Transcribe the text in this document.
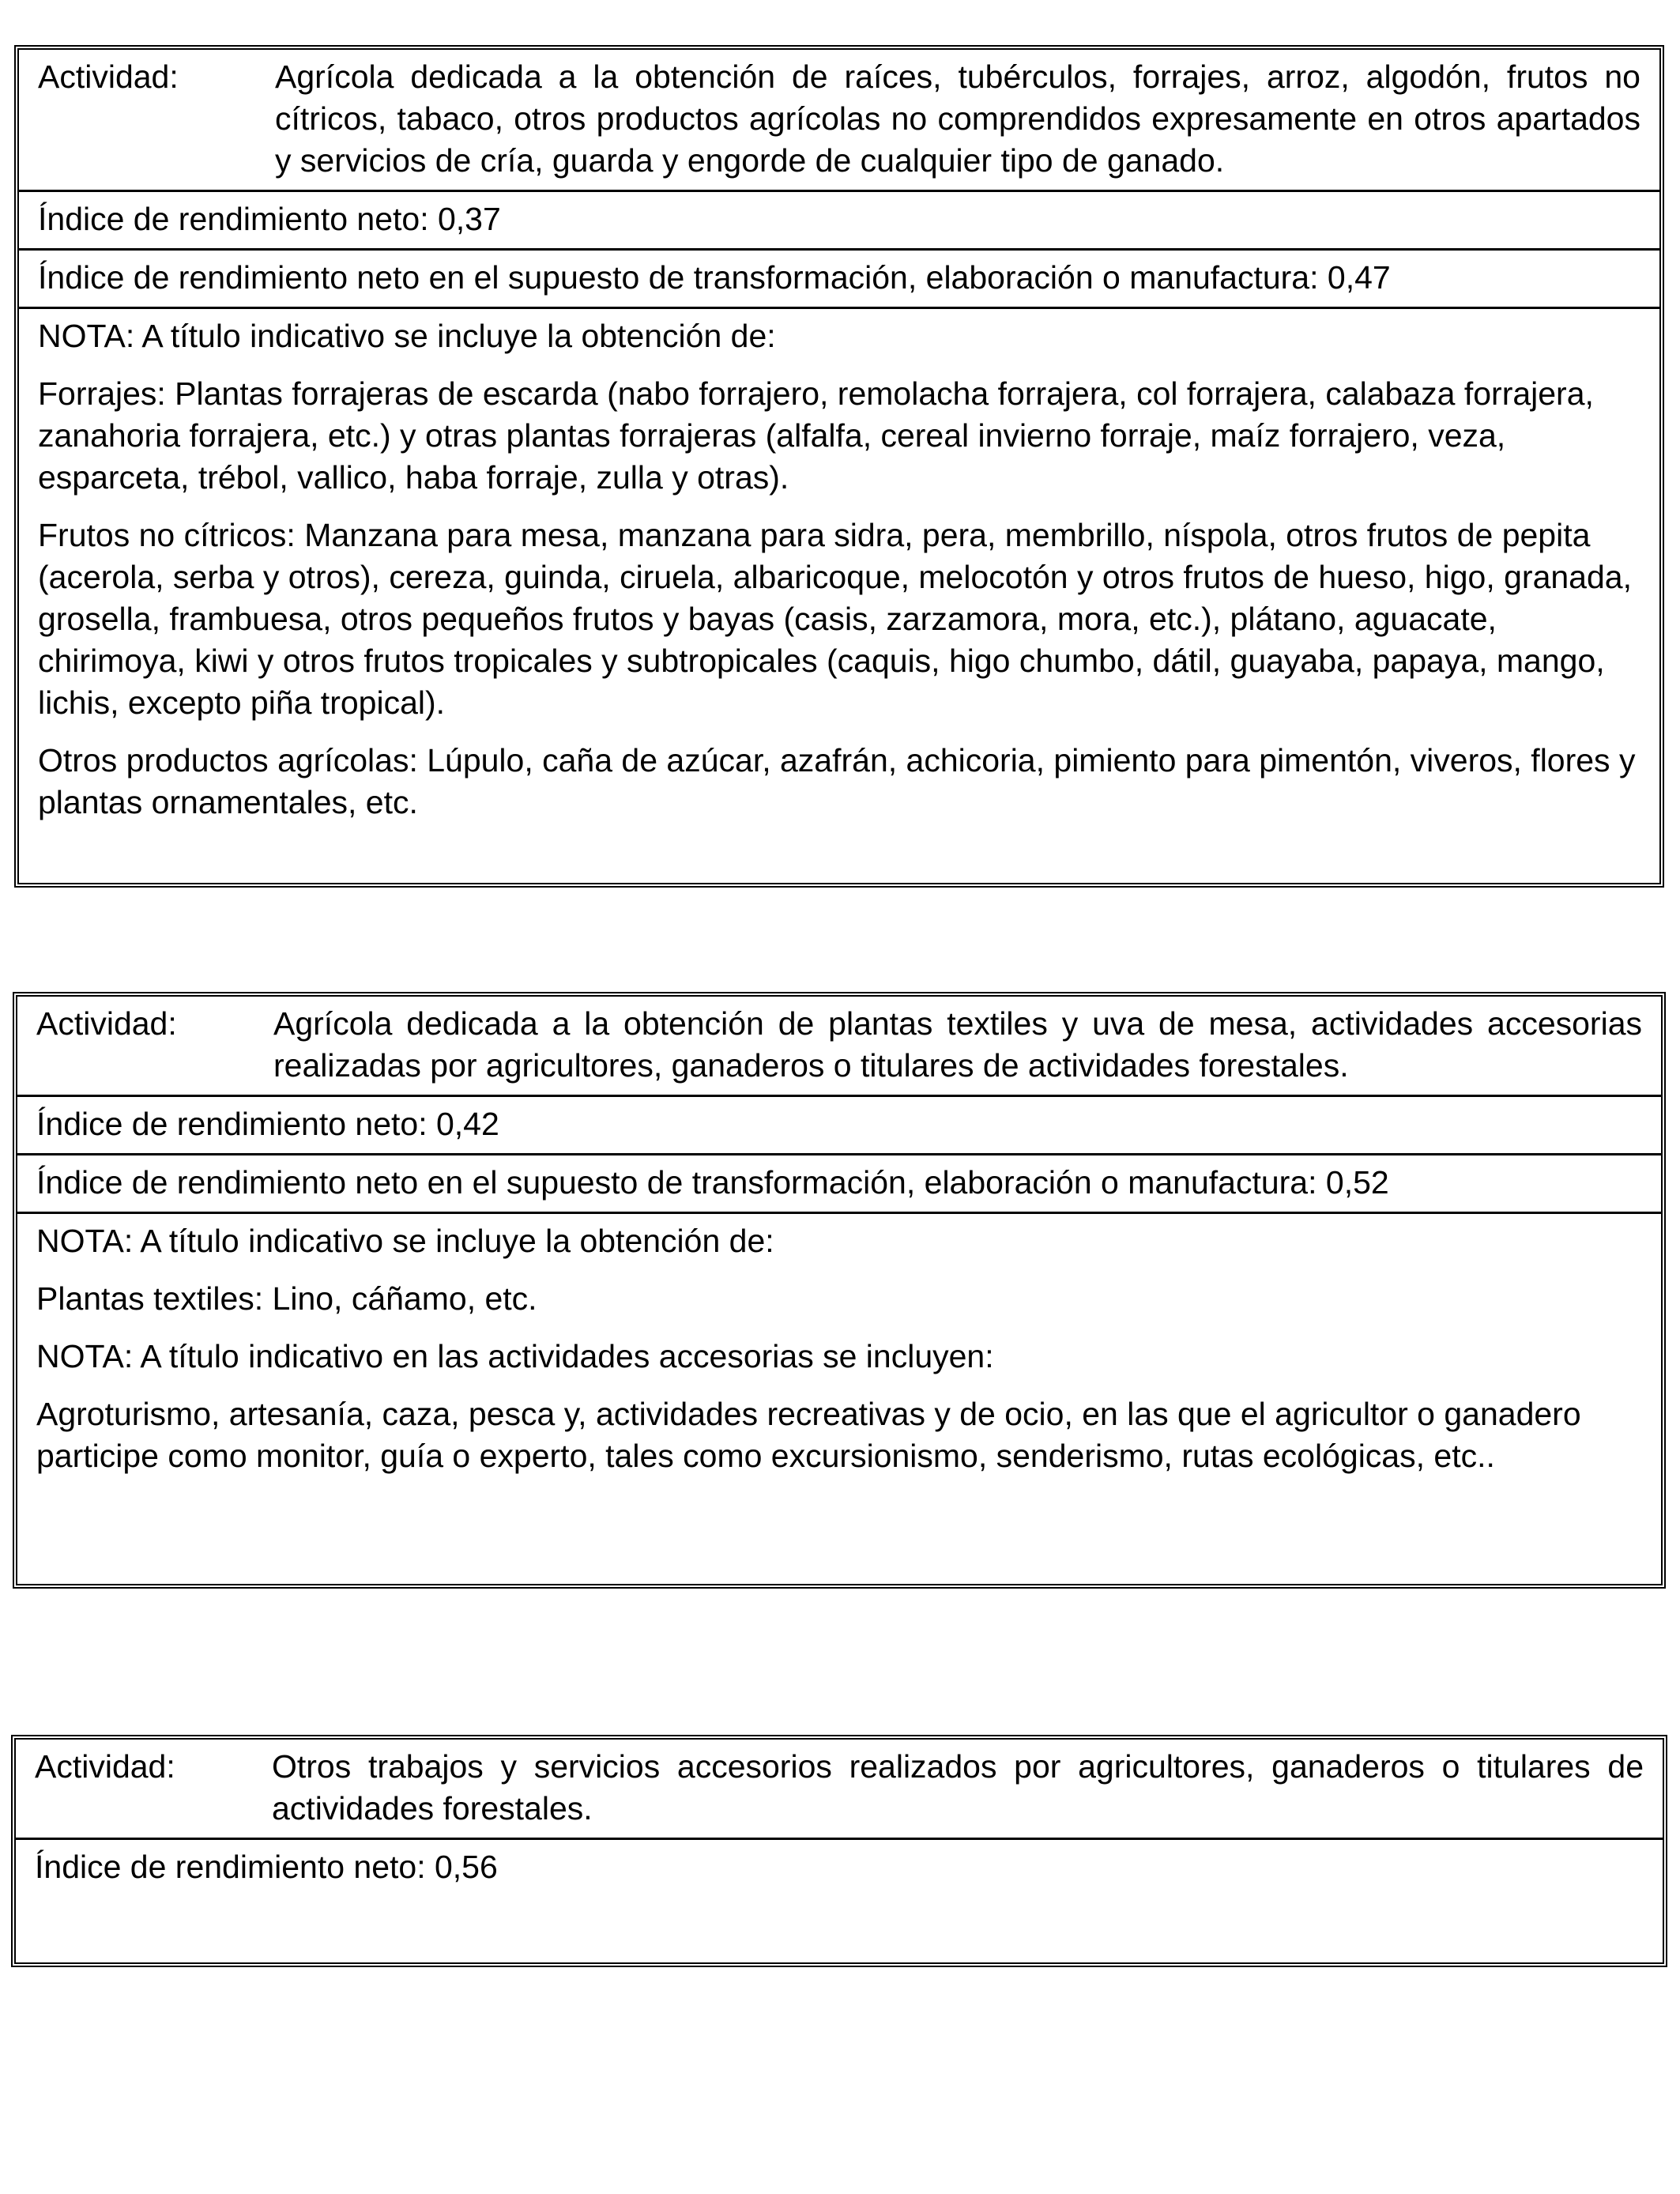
Actividad:	Agrícola dedicada a la obtención de raíces, tubérculos, forrajes, arroz, algodón, frutos no cítricos, tabaco, otros productos agrícolas no comprendidos expresamente en otros apartados y servicios de cría, guarda y engorde de cualquier tipo de ganado.
Índice de rendimiento neto: 0,37
Índice de rendimiento neto en el supuesto de transformación, elaboración o manufactura: 0,47

NOTA: A título indicativo se incluye la obtención de:

Forrajes: Plantas forrajeras de escarda (nabo forrajero, remolacha forrajera, col forrajera, calabaza forrajera, zanahoria forrajera, etc.) y otras plantas forrajeras (alfalfa, cereal invierno forraje, maíz forrajero, veza, esparceta, trébol, vallico, haba forraje, zulla y otras).

Frutos no cítricos: Manzana para mesa, manzana para sidra, pera, membrillo, níspola, otros frutos de pepita (acerola, serba y otros), cereza, guinda, ciruela, albaricoque, melocotón y otros frutos de hueso, higo, granada, grosella, frambuesa, otros pequeños frutos y bayas (casis, zarzamora, mora, etc.), plátano, aguacate, chirimoya, kiwi y otros frutos tropicales y subtropicales (caquis, higo chumbo, dátil, guayaba, papaya, mango, lichis, excepto piña tropical).

Otros productos agrícolas: Lúpulo, caña de azúcar, azafrán, achicoria, pimiento para pimentón, viveros, flores y plantas ornamentales, etc.

Actividad:	Agrícola dedicada a la obtención de plantas textiles y uva de mesa, actividades accesorias realizadas por agricultores, ganaderos o titulares de actividades forestales.
Índice de rendimiento neto: 0,42
Índice de rendimiento neto en el supuesto de transformación, elaboración o manufactura: 0,52

NOTA: A título indicativo se incluye la obtención de:

Plantas textiles: Lino, cáñamo, etc.

NOTA: A título indicativo en las actividades accesorias se incluyen:

Agroturismo, artesanía, caza, pesca y, actividades recreativas y de ocio, en las que el agricultor o ganadero participe como monitor, guía o experto, tales como excursionismo, senderismo, rutas ecológicas, etc..

Actividad:	Otros trabajos y servicios accesorios realizados por agricultores, ganaderos o titulares de actividades forestales.
Índice de rendimiento neto: 0,56
